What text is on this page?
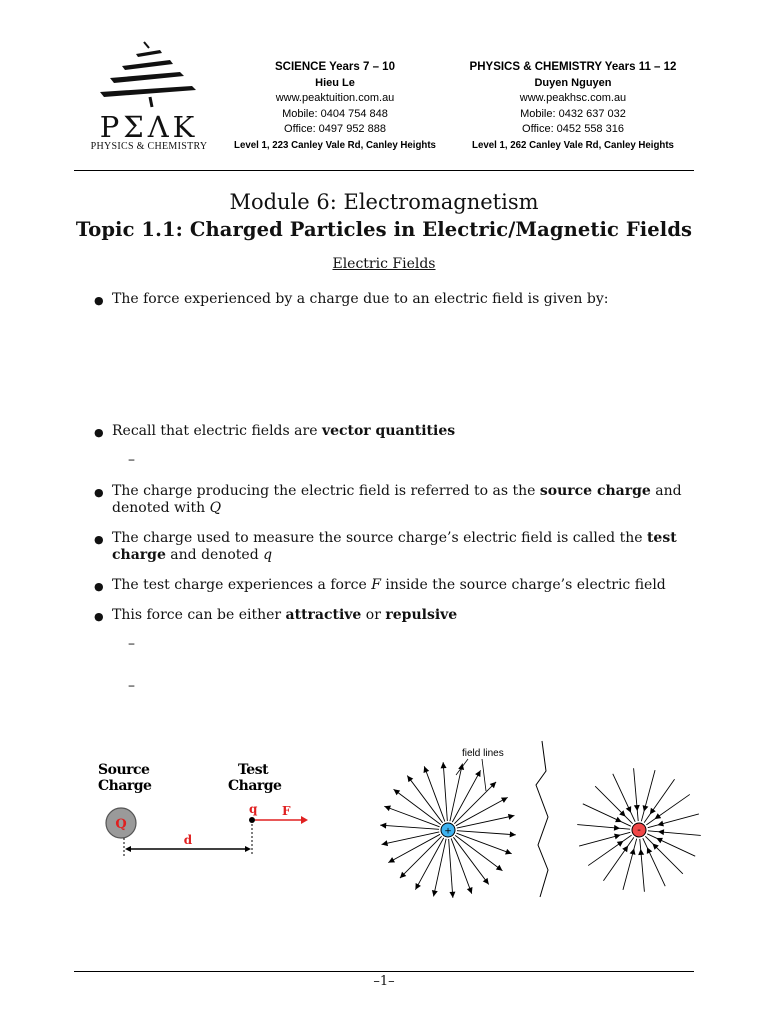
PΣΛK
PHYSICS & CHEMISTRY
SCIENCE Years 7 – 10
Hieu Le
www.peaktuition.com.au
Mobile: 0404 754 848
Office: 0497 952 888
Level 1, 223 Canley Vale Rd, Canley Heights
PHYSICS & CHEMISTRY Years 11 – 12
Duyen Nguyen
www.peakhsc.com.au
Mobile: 0432 637 032
Office: 0452 558 316
Level 1, 262 Canley Vale Rd, Canley Heights
Module 6: Electromagnetism
Topic 1.1: Charged Particles in Electric/Magnetic Fields
Electric Fields
● The force experienced by a charge due to an electric field is given by:
● Recall that electric fields are vector quantities
–
● The charge producing the electric field is referred to as the source charge and denoted with Q
● The charge used to measure the source charge’s electric field is called the test charge and denoted q
● The test charge experiences a force F inside the source charge’s electric field
● This force can be either attractive or repulsive
–
–
Source
Charge
Test
Charge
Q
q F
d
+
field lines
-
–1–
